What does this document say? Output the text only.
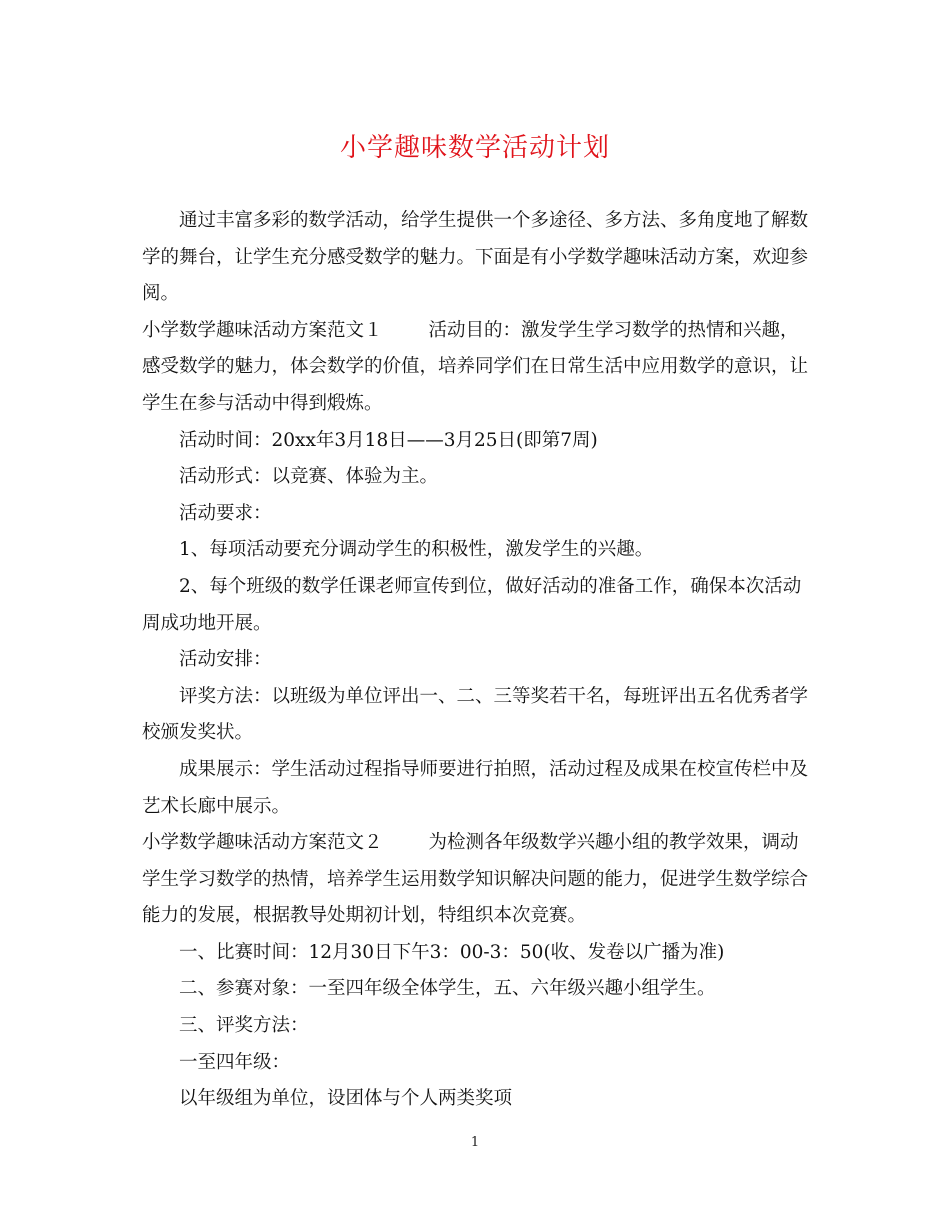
小学趣味数学活动计划

通过丰富多彩的数学活动，给学生提供一个多途径、多方法、多角度地了解数学的舞台，让学生充分感受数学的魅力。下面是有小学数学趣味活动方案，欢迎参阅。

小学数学趣味活动方案范文１ 活动目的：激发学生学习数学的热情和兴趣，感受数学的魅力，体会数学的价值，培养同学们在日常生活中应用数学的意识，让学生在参与活动中得到煅炼。

活动时间：20xx年3月18日——3月25日(即第7周)

活动形式：以竞赛、体验为主。

活动要求：

1、每项活动要充分调动学生的积极性，激发学生的兴趣。

2、每个班级的数学任课老师宣传到位，做好活动的准备工作，确保本次活动周成功地开展。

活动安排：

评奖方法：以班级为单位评出一、二、三等奖若干名，每班评出五名优秀者学校颁发奖状。

成果展示：学生活动过程指导师要进行拍照，活动过程及成果在校宣传栏中及艺术长廊中展示。

小学数学趣味活动方案范文２ 为检测各年级数学兴趣小组的教学效果，调动学生学习数学的热情，培养学生运用数学知识解决问题的能力，促进学生数学综合能力的发展，根据教导处期初计划，特组织本次竞赛。

一、比赛时间：12月30日下午3：00-3：50(收、发卷以广播为准)

二、参赛对象：一至四年级全体学生，五、六年级兴趣小组学生。

三、评奖方法：

一至四年级：

以年级组为单位，设团体与个人两类奖项

1
